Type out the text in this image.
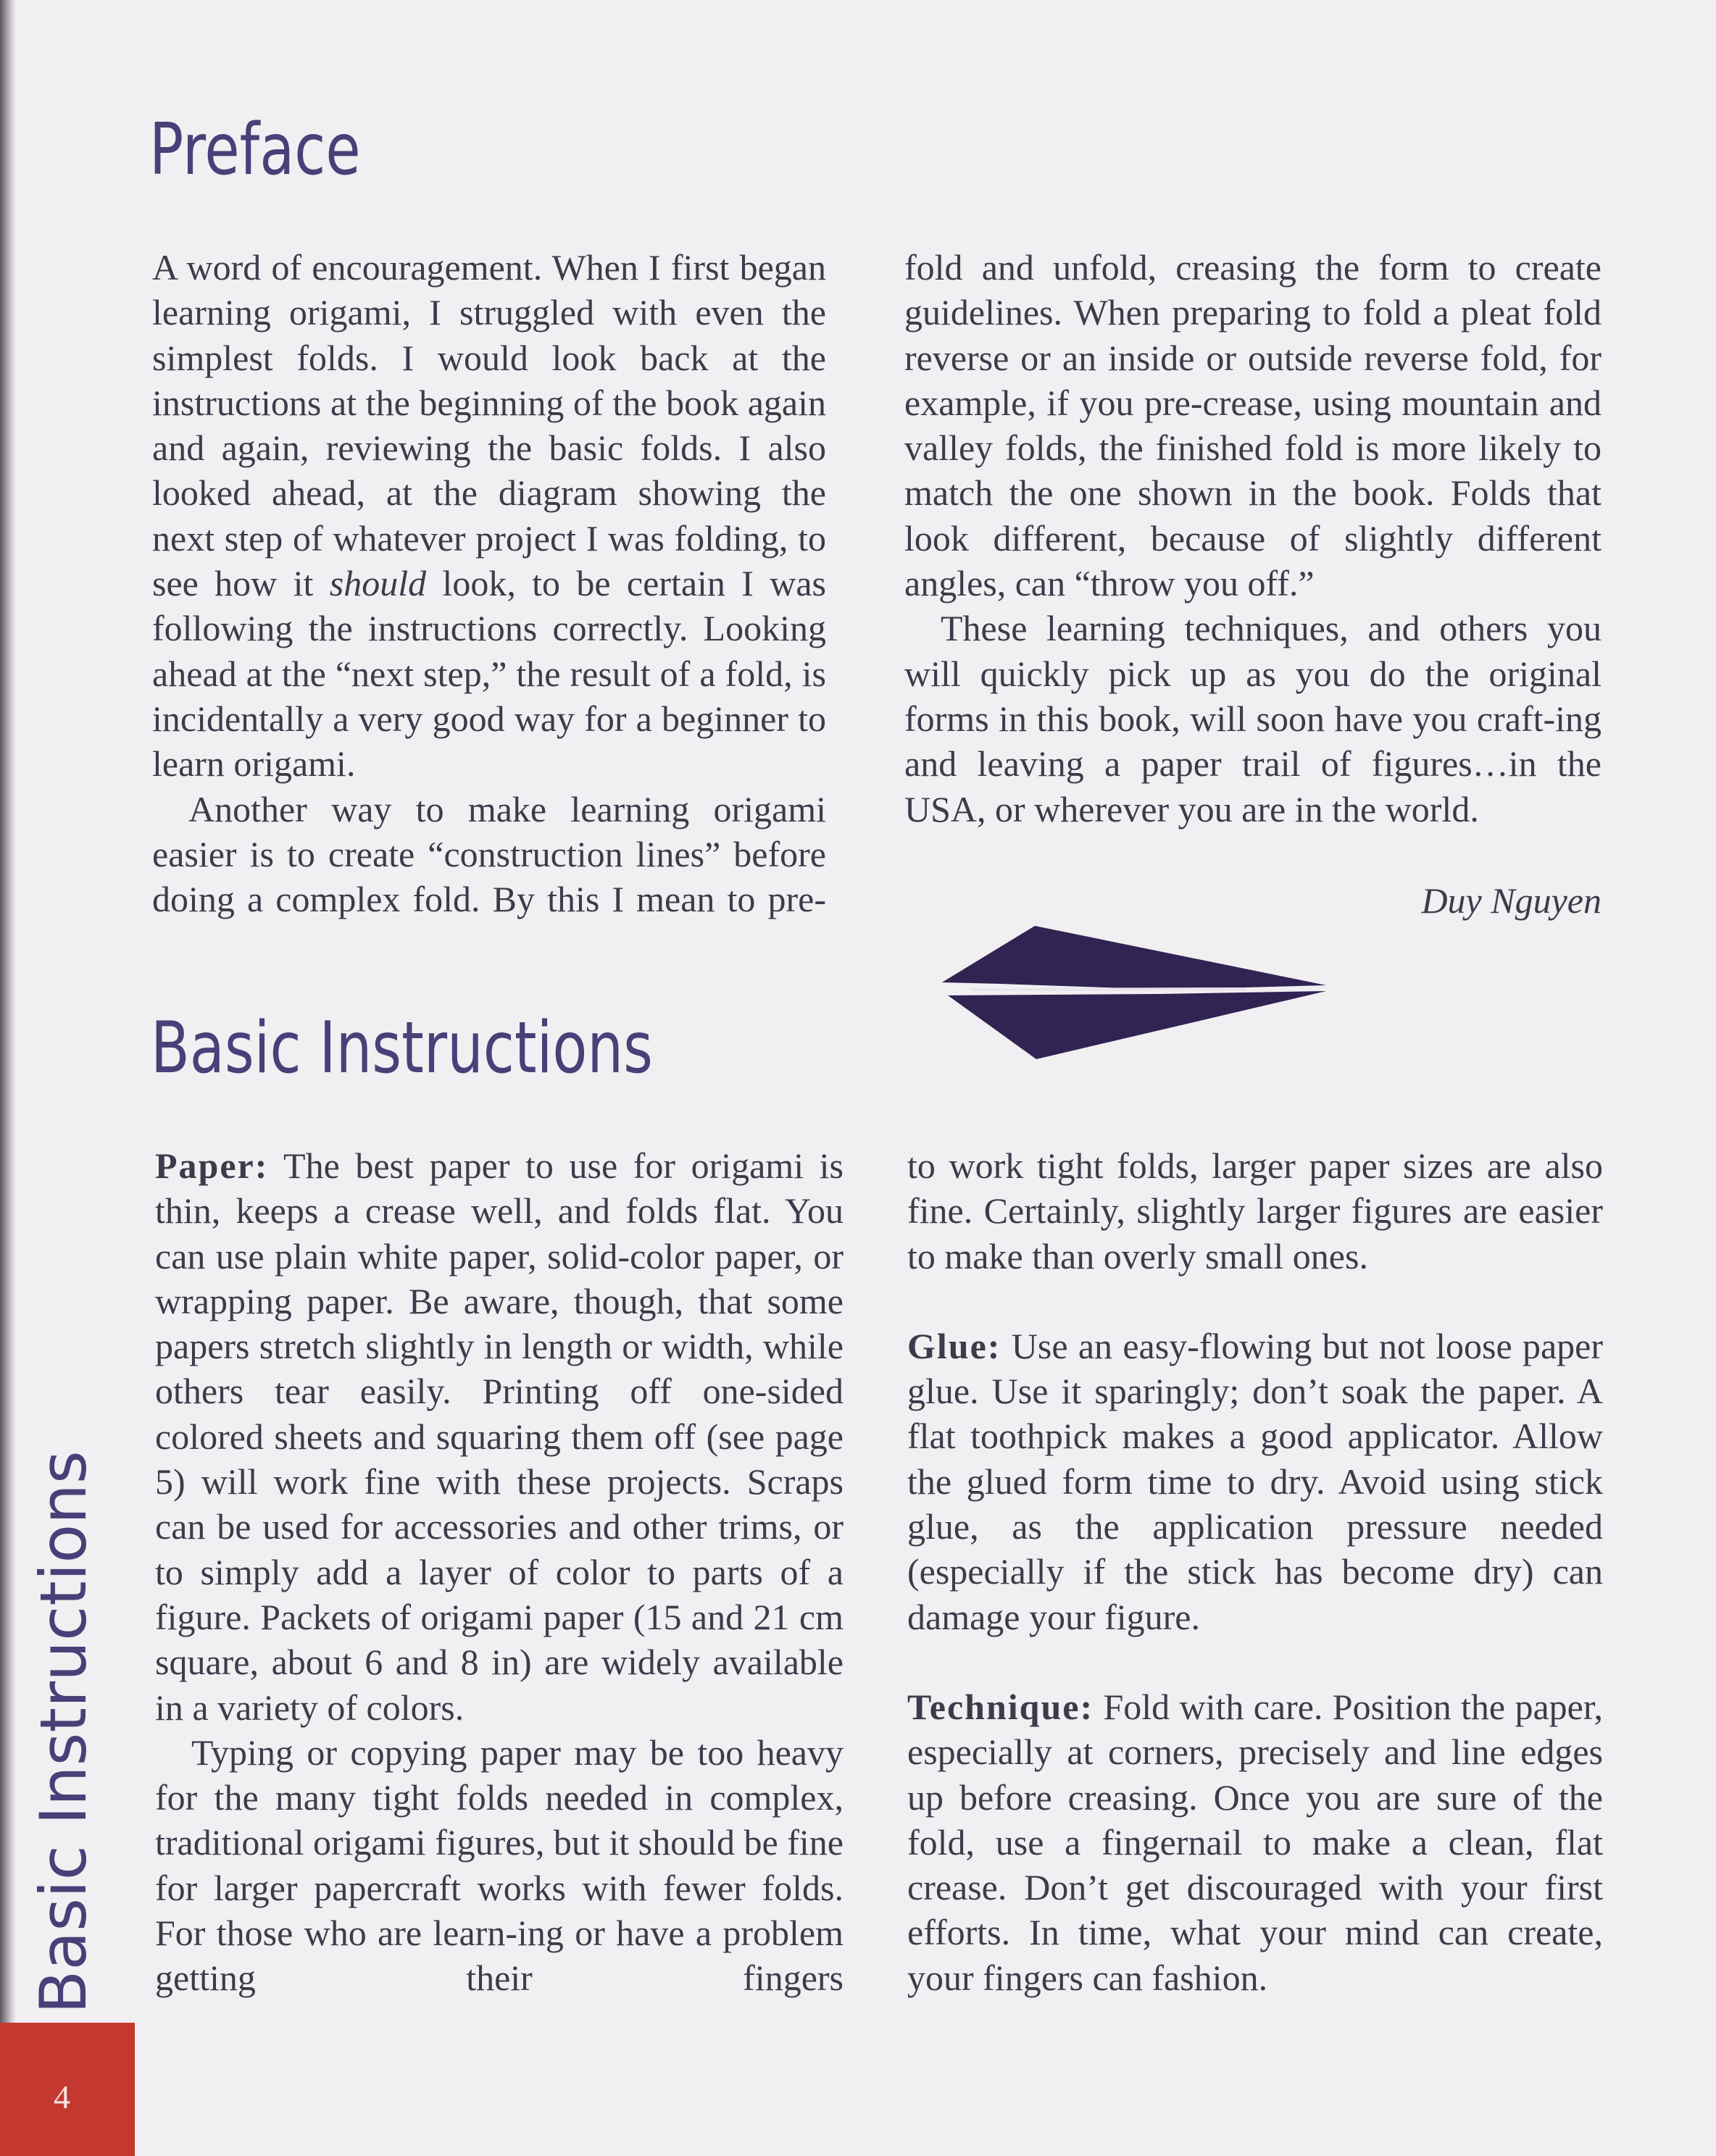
Preface

A word of encouragement. When I first began learning origami, I struggled with even the simplest folds. I would look back at the instructions at the beginning of the book again and again, reviewing the basic folds. I also looked ahead, at the diagram showing the next step of whatever project I was folding, to see how it should look, to be certain I was following the instructions correctly. Looking ahead at the “next step,” the result of a fold, is incidentally a very good way for a beginner to learn origami.

Another way to make learning origami easier is to create “construction lines” before doing a complex fold. By this I mean to pre-

fold and unfold, creasing the form to create guidelines. When preparing to fold a pleat fold reverse or an inside or outside reverse fold, for example, if you pre-crease, using mountain and valley folds, the finished fold is more likely to match the one shown in the book. Folds that look different, because of slightly different angles, can “throw you off.”

These learning techniques, and others you will quickly pick up as you do the original forms in this book, will soon have you craft-ing and leaving a paper trail of figures…in the USA, or wherever you are in the world.

Duy Nguyen
Basic Instructions

Paper: The best paper to use for origami is thin, keeps a crease well, and folds flat. You can use plain white paper, solid-color paper, or wrapping paper. Be aware, though, that some papers stretch slightly in length or width, while others tear easily. Printing off one-sided colored sheets and squaring them off (see page 5) will work fine with these projects. Scraps can be used for accessories and other trims, or to simply add a layer of color to parts of a figure. Packets of origami paper (15 and 21 cm square, about 6 and 8 in) are widely available in a variety of colors.

Typing or copying paper may be too heavy for the many tight folds needed in complex, traditional origami figures, but it should be fine for larger papercraft works with fewer folds. For those who are learn-ing or have a problem getting their fingers

to work tight folds, larger paper sizes are also fine. Certainly, slightly larger figures are easier to make than overly small ones.

Glue: Use an easy-flowing but not loose paper glue. Use it sparingly; don’t soak the paper. A flat toothpick makes a good applicator. Allow the glued form time to dry. Avoid using stick glue, as the application pressure needed (especially if the stick has become dry) can damage your figure.

Technique: Fold with care. Position the paper, especially at corners, precisely and line edges up before creasing. Once you are sure of the fold, use a fingernail to make a clean, flat crease. Don’t get discouraged with your first efforts. In time, what your mind can create, your fingers can fashion.

Basic Instructions
4
